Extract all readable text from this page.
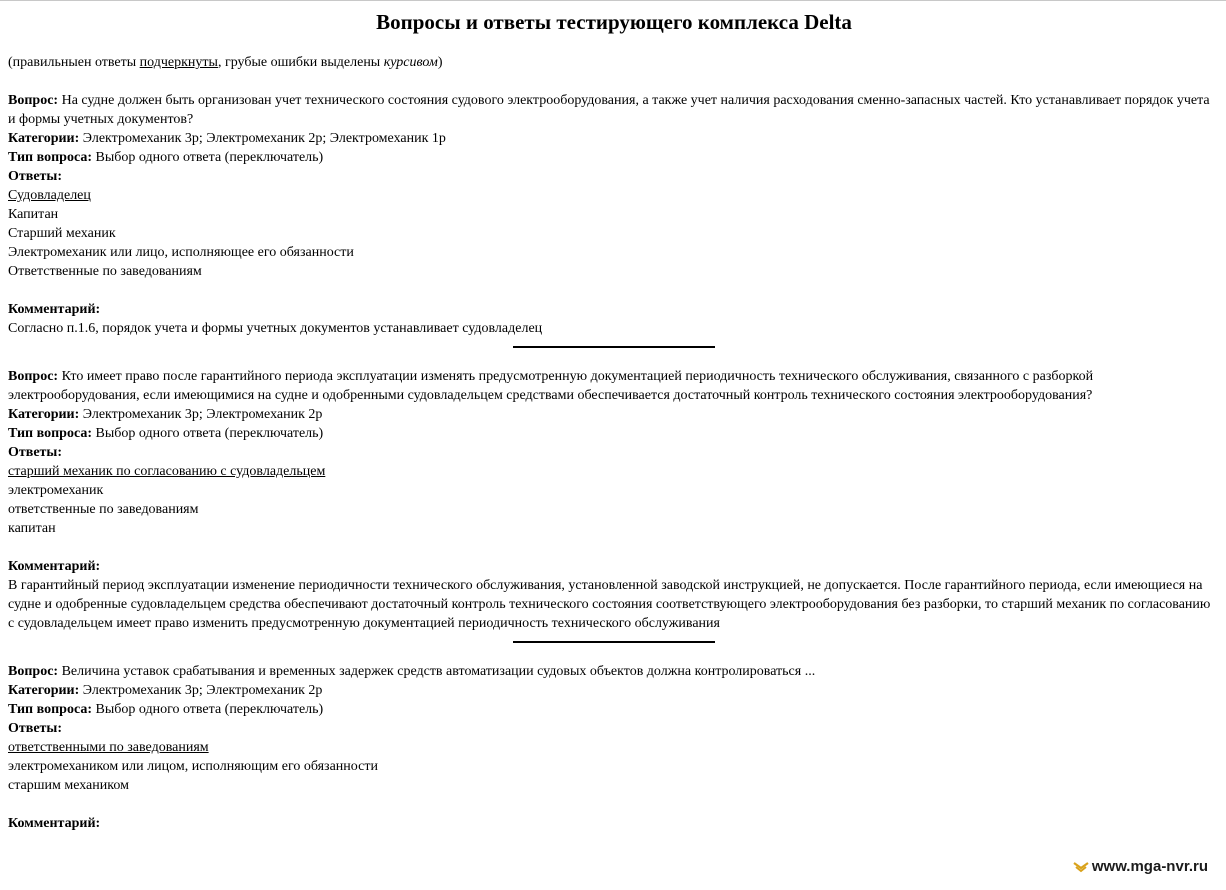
Вопросы и ответы тестирующего комплекса Delta
(правильныен ответы подчеркнуты, грубые ошибки выделены курсивом)

Вопрос: На судне должен быть организован учет технического состояния судового электрооборудования, а также учет наличия расходования сменно-запасных частей. Кто устанавливает порядок учета и формы учетных документов?

Категории: Электромеханик 3р; Электромеханик 2р; Электромеханик 1р

Тип вопроса: Выбор одного ответа (переключатель)

Ответы:

Судовладелец
Капитан
Старший механик
Электромеханик или лицо, исполняющее его обязанности
Ответственные по заведованиям

Комментарий:

Согласно п.1.6, порядок учета и формы учетных документов устанавливает судовладелец

Вопрос: Кто имеет право после гарантийного периода эксплуатации изменять предусмотренную документацией периодичность технического обслуживания, связанного с разборкой электрооборудования, если имеющимися на судне и одобренными судовладельцем средствами обеспечивается достаточный контроль технического состояния электрооборудования?

Категории: Электромеханик 3р; Электромеханик 2р

Тип вопроса: Выбор одного ответа (переключатель)

Ответы:

старший механик по согласованию с судовладельцем
электромеханик
ответственные по заведованиям
капитан

Комментарий:

В гарантийный период эксплуатации изменение периодичности технического обслуживания, установленной заводской инструкцией, не допускается. После гарантийного периода, если имеющиеся на судне и одобренные судовладельцем средства обеспечивают достаточный контроль технического состояния соответствующего электрооборудования без разборки, то старший механик по согласованию с судовладельцем имеет право изменить предусмотренную документацией периодичность технического обслуживания

Вопрос: Величина уставок срабатывания и временных задержек средств автоматизации судовых объектов должна контролироваться ...

Категории: Электромеханик 3р; Электромеханик 2р

Тип вопроса: Выбор одного ответа (переключатель)

Ответы:

ответственными по заведованиям
электромехаником или лицом, исполняющим его обязанности
старшим механиком

Комментарий:

www.mga-nvr.ru
